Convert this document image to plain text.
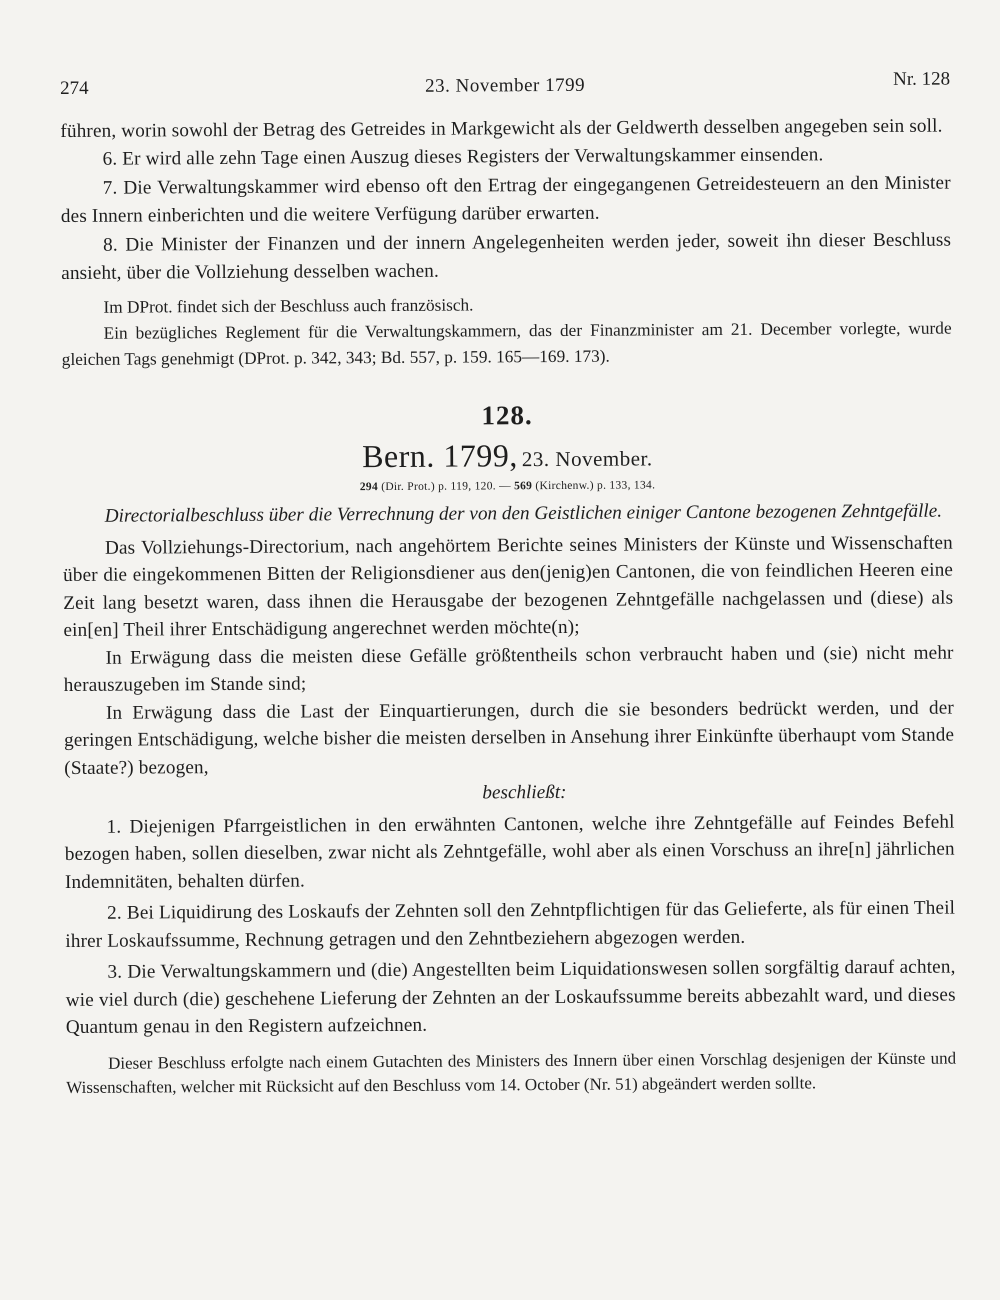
274	23. November 1799	Nr. 128

führen, worin sowohl der Betrag des Getreides in Markgewicht als der Geldwerth desselben angegeben sein soll.

6. Er wird alle zehn Tage einen Auszug dieses Registers der Verwaltungskammer einsenden.

7. Die Verwaltungskammer wird ebenso oft den Ertrag der eingegangenen Getreidesteuern an den Minister des Innern einberichten und die weitere Verfügung darüber erwarten.

8. Die Minister der Finanzen und der innern Angelegenheiten werden jeder, soweit ihn dieser Beschluss ansieht, über die Vollziehung desselben wachen.

Im DProt. findet sich der Beschluss auch französisch.

Ein bezügliches Reglement für die Verwaltungskammern, das der Finanzminister am 21. December vorlegte, wurde gleichen Tags genehmigt (DProt. p. 342, 343; Bd. 557, p. 159. 165—169. 173).

128.
Bern. 1799, 23. November.
294 (Dir. Prot.) p. 119, 120. — 569 (Kirchenw.) p. 133, 134.

Directorialbeschluss über die Verrechnung der von den Geistlichen einiger Cantone bezogenen Zehntgefälle.

Das Vollziehungs-Directorium, nach angehörtem Berichte seines Ministers der Künste und Wissenschaften über die eingekommenen Bitten der Religionsdiener aus den(jenig)en Cantonen, die von feindlichen Heeren eine Zeit lang besetzt waren, dass ihnen die Herausgabe der bezogenen Zehntgefälle nachgelassen und (diese) als ein[en] Theil ihrer Entschädigung angerechnet werden möchte(n);

In Erwägung dass die meisten diese Gefälle größtentheils schon verbraucht haben und (sie) nicht mehr herauszugeben im Stande sind;

In Erwägung dass die Last der Einquartierungen, durch die sie besonders bedrückt werden, und der geringen Entschädigung, welche bisher die meisten derselben in Ansehung ihrer Einkünfte überhaupt vom Stande (Staate?) bezogen,

beschließt:

1. Diejenigen Pfarrgeistlichen in den erwähnten Cantonen, welche ihre Zehntgefälle auf Feindes Befehl bezogen haben, sollen dieselben, zwar nicht als Zehntgefälle, wohl aber als einen Vorschuss an ihre[n] jährlichen Indemnitäten, behalten dürfen.

2. Bei Liquidirung des Loskaufs der Zehnten soll den Zehntpflichtigen für das Gelieferte, als für einen Theil ihrer Loskaufssumme, Rechnung getragen und den Zehntbeziehern abgezogen werden.

3. Die Verwaltungskammern und (die) Angestellten beim Liquidationswesen sollen sorgfältig darauf achten, wie viel durch (die) geschehene Lieferung der Zehnten an der Loskaufssumme bereits abbezahlt ward, und dieses Quantum genau in den Registern aufzeichnen.

Dieser Beschluss erfolgte nach einem Gutachten des Ministers des Innern über einen Vorschlag desjenigen der Künste und Wissenschaften, welcher mit Rücksicht auf den Beschluss vom 14. October (Nr. 51) abgeändert werden sollte.
